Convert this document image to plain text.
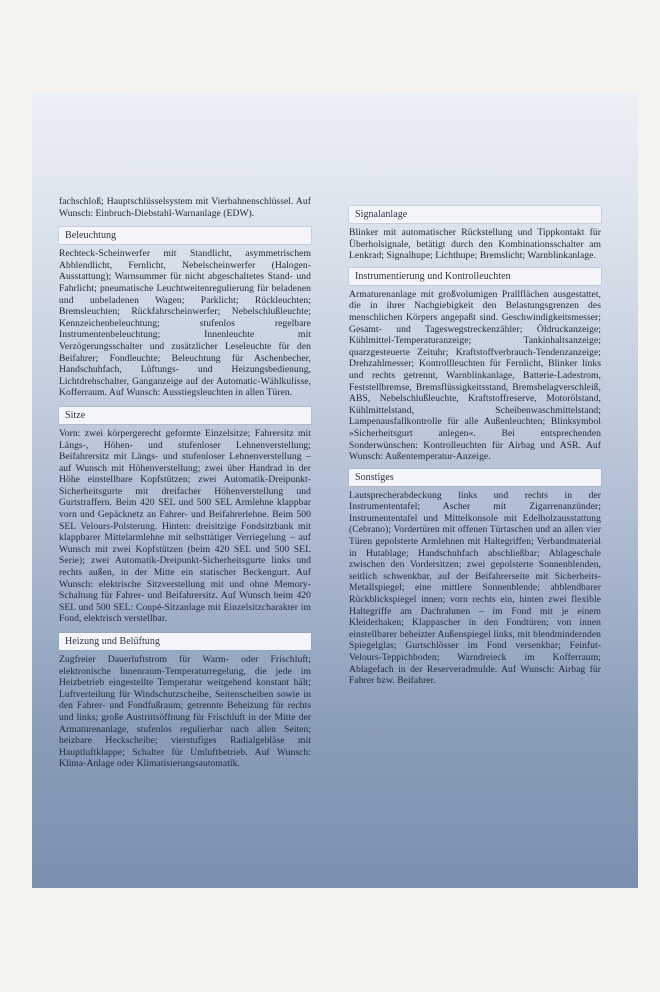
fachschloß; Hauptschlüsselsystem mit Vierbahnenschlüssel. Auf Wunsch: Einbruch-Diebstahl-Warnanlage (EDW).

Beleuchtung

Rechteck-Scheinwerfer mit Standlicht, asymmetrischem Abblendlicht, Fernlicht, Nebelscheinwerfer (Halogen-Ausstattung); Warnsummer für nicht abgeschaltetes Stand- und Fahrlicht; pneumatische Leuchtweitenregulierung für beladenen und unbeladenen Wagen; Parklicht; Rückleuchten; Bremsleuchten; Rückfahrscheinwerfer; Nebelschlußleuchte; Kennzeichenbeleuchtung; stufenlos regelbare Instrumentenbeleuchtung; Innenleuchte mit Verzögerungsschalter und zusätzlicher Leseleuchte für den Beifahrer; Fondleuchte; Beleuchtung für Aschenbecher, Handschuhfach, Lüftungs- und Heizungsbedienung, Lichtdrehschalter, Ganganzeige auf der Automatic-Wählkulisse, Kofferraum. Auf Wunsch: Ausstiegsleuchten in allen Türen.

Sitze

Vorn: zwei körpergerecht geformte Einzelsitze; Fahrersitz mit Längs-, Höhen- und stufenloser Lehnenverstellung; Beifahrersitz mit Längs- und stufenloser Lehnenverstellung – auf Wunsch mit Höhenverstellung; zwei über Handrad in der Höhe einstellbare Kopfstützen; zwei Automatik-Dreipunkt-Sicherheitsgurte mit dreifacher Höhenverstellung und Gurtstraffern. Beim 420 SEL und 500 SEL Armlehne klappbar vorn und Gepäcknetz an Fahrer- und Beifahrerlehne. Beim 500 SEL Velours-Polsterung. Hinten: dreisitzige Fondsitzbank mit klappbarer Mittelarmlehne mit selbsttätiger Verriegelung – auf Wunsch mit zwei Kopfstützen (beim 420 SEL und 500 SEL Serie); zwei Automatik-Dreipunkt-Sicherheitsgurte links und rechts außen, in der Mitte ein statischer Beckengurt. Auf Wunsch: elektrische Sitzverstellung mit und ohne Memory-Schaltung für Fahrer- und Beifahrersitz. Auf Wunsch beim 420 SEL und 500 SEL: Coupé-Sitzanlage mit Einzelsitzcharakter im Fond, elektrisch verstellbar.

Heizung und Belüftung

Zugfreier Dauerluftstrom für Warm- oder Frischluft; elektronische Innenraum-Temperaturregelung, die jede im Heizbetrieb eingestellte Temperatur weitgehend konstant hält; Luftverteilung für Windschutzscheibe, Seitenscheiben sowie in den Fahrer- und Fondfußraum; getrennte Beheizung für rechts und links; große Austrittsöffnung für Frischluft in der Mitte der Armaturenanlage, stufenlos regulierbar nach allen Seiten; heizbare Heckscheibe; vierstufiges Radialgebläse mit Hauptluftklappe; Schalter für Umluftbetrieb. Auf Wunsch: Klima-Anlage oder Klimatisierungsautomatik.

Signalanlage

Blinker mit automatischer Rückstellung und Tippkontakt für Überholsignale, betätigt durch den Kombinationsschalter am Lenkrad; Signalhupe; Lichthupe; Bremslicht; Warnblinkanlage.

Instrumentierung und Kontrolleuchten

Armaturenanlage mit großvolumigen Prallflächen ausgestattet, die in ihrer Nachgiebigkeit den Belastungsgrenzen des menschlichen Körpers angepaßt sind. Geschwindigkeitsmesser; Gesamt- und Tageswegstreckenzähler; Öldruckanzeige; Kühlmittel-Temperaturanzeige; Tankinhaltsanzeige; quarzgesteuerte Zeituhr; Kraftstoffverbrauch-Tendenzanzeige; Drehzahlmesser; Kontrollleuchten für Fernlicht, Blinker links und rechts getrennt, Warnblinkanlage, Batterie-Ladestrom, Feststellbremse, Bremsflüssigkeitsstand, Bremsbelagverschleiß, ABS, Nebelschlußleuchte, Kraftstoffreserve, Motorölstand, Kühlmittelstand, Scheibenwaschmittelstand; Lampenausfallkontrolle für alle Außenleuchten; Blinksymbol »Sicherheitsgurt anlegen«. Bei entsprechenden Sonderwünschen: Kontrolleuchten für Airbag und ASR. Auf Wunsch: Außentemperatur-Anzeige.

Sonstiges

Lautsprecherabdeckung links und rechts in der Instrumententafel; Ascher mit Zigarrenanzünder; Instrumententafel und Mittelkonsole mit Edelholzausstattung (Cebrano); Vordertüren mit offenen Türtaschen und an allen vier Türen gepolsterte Armlehnen mit Haltegriffen; Verbandmaterial in Hutablage; Handschuhfach abschließbar; Ablageschale zwischen den Vordersitzen; zwei gepolsterte Sonnenblenden, seitlich schwenkbar, auf der Beifahrerseite mit Sicherheits-Metallspiegel; eine mittlere Sonnenblende; abblendbarer Rückblickspiegel innen; vorn rechts ein, hinten zwei flexible Haltegriffe am Dachrahmen – im Fond mit je einem Kleiderhaken; Klappascher in den Fondtüren; von innen einstellbarer beheizter Außenspiegel links, mit blendmindernden Spiegelglas; Gurtschlösser im Fond versenkbar; Feinfut-Velours-Teppichboden; Warndreieck im Kofferraum; Ablagefach in der Reserveradmulde. Auf Wunsch: Airbag für Fahrer bzw. Beifahrer.
